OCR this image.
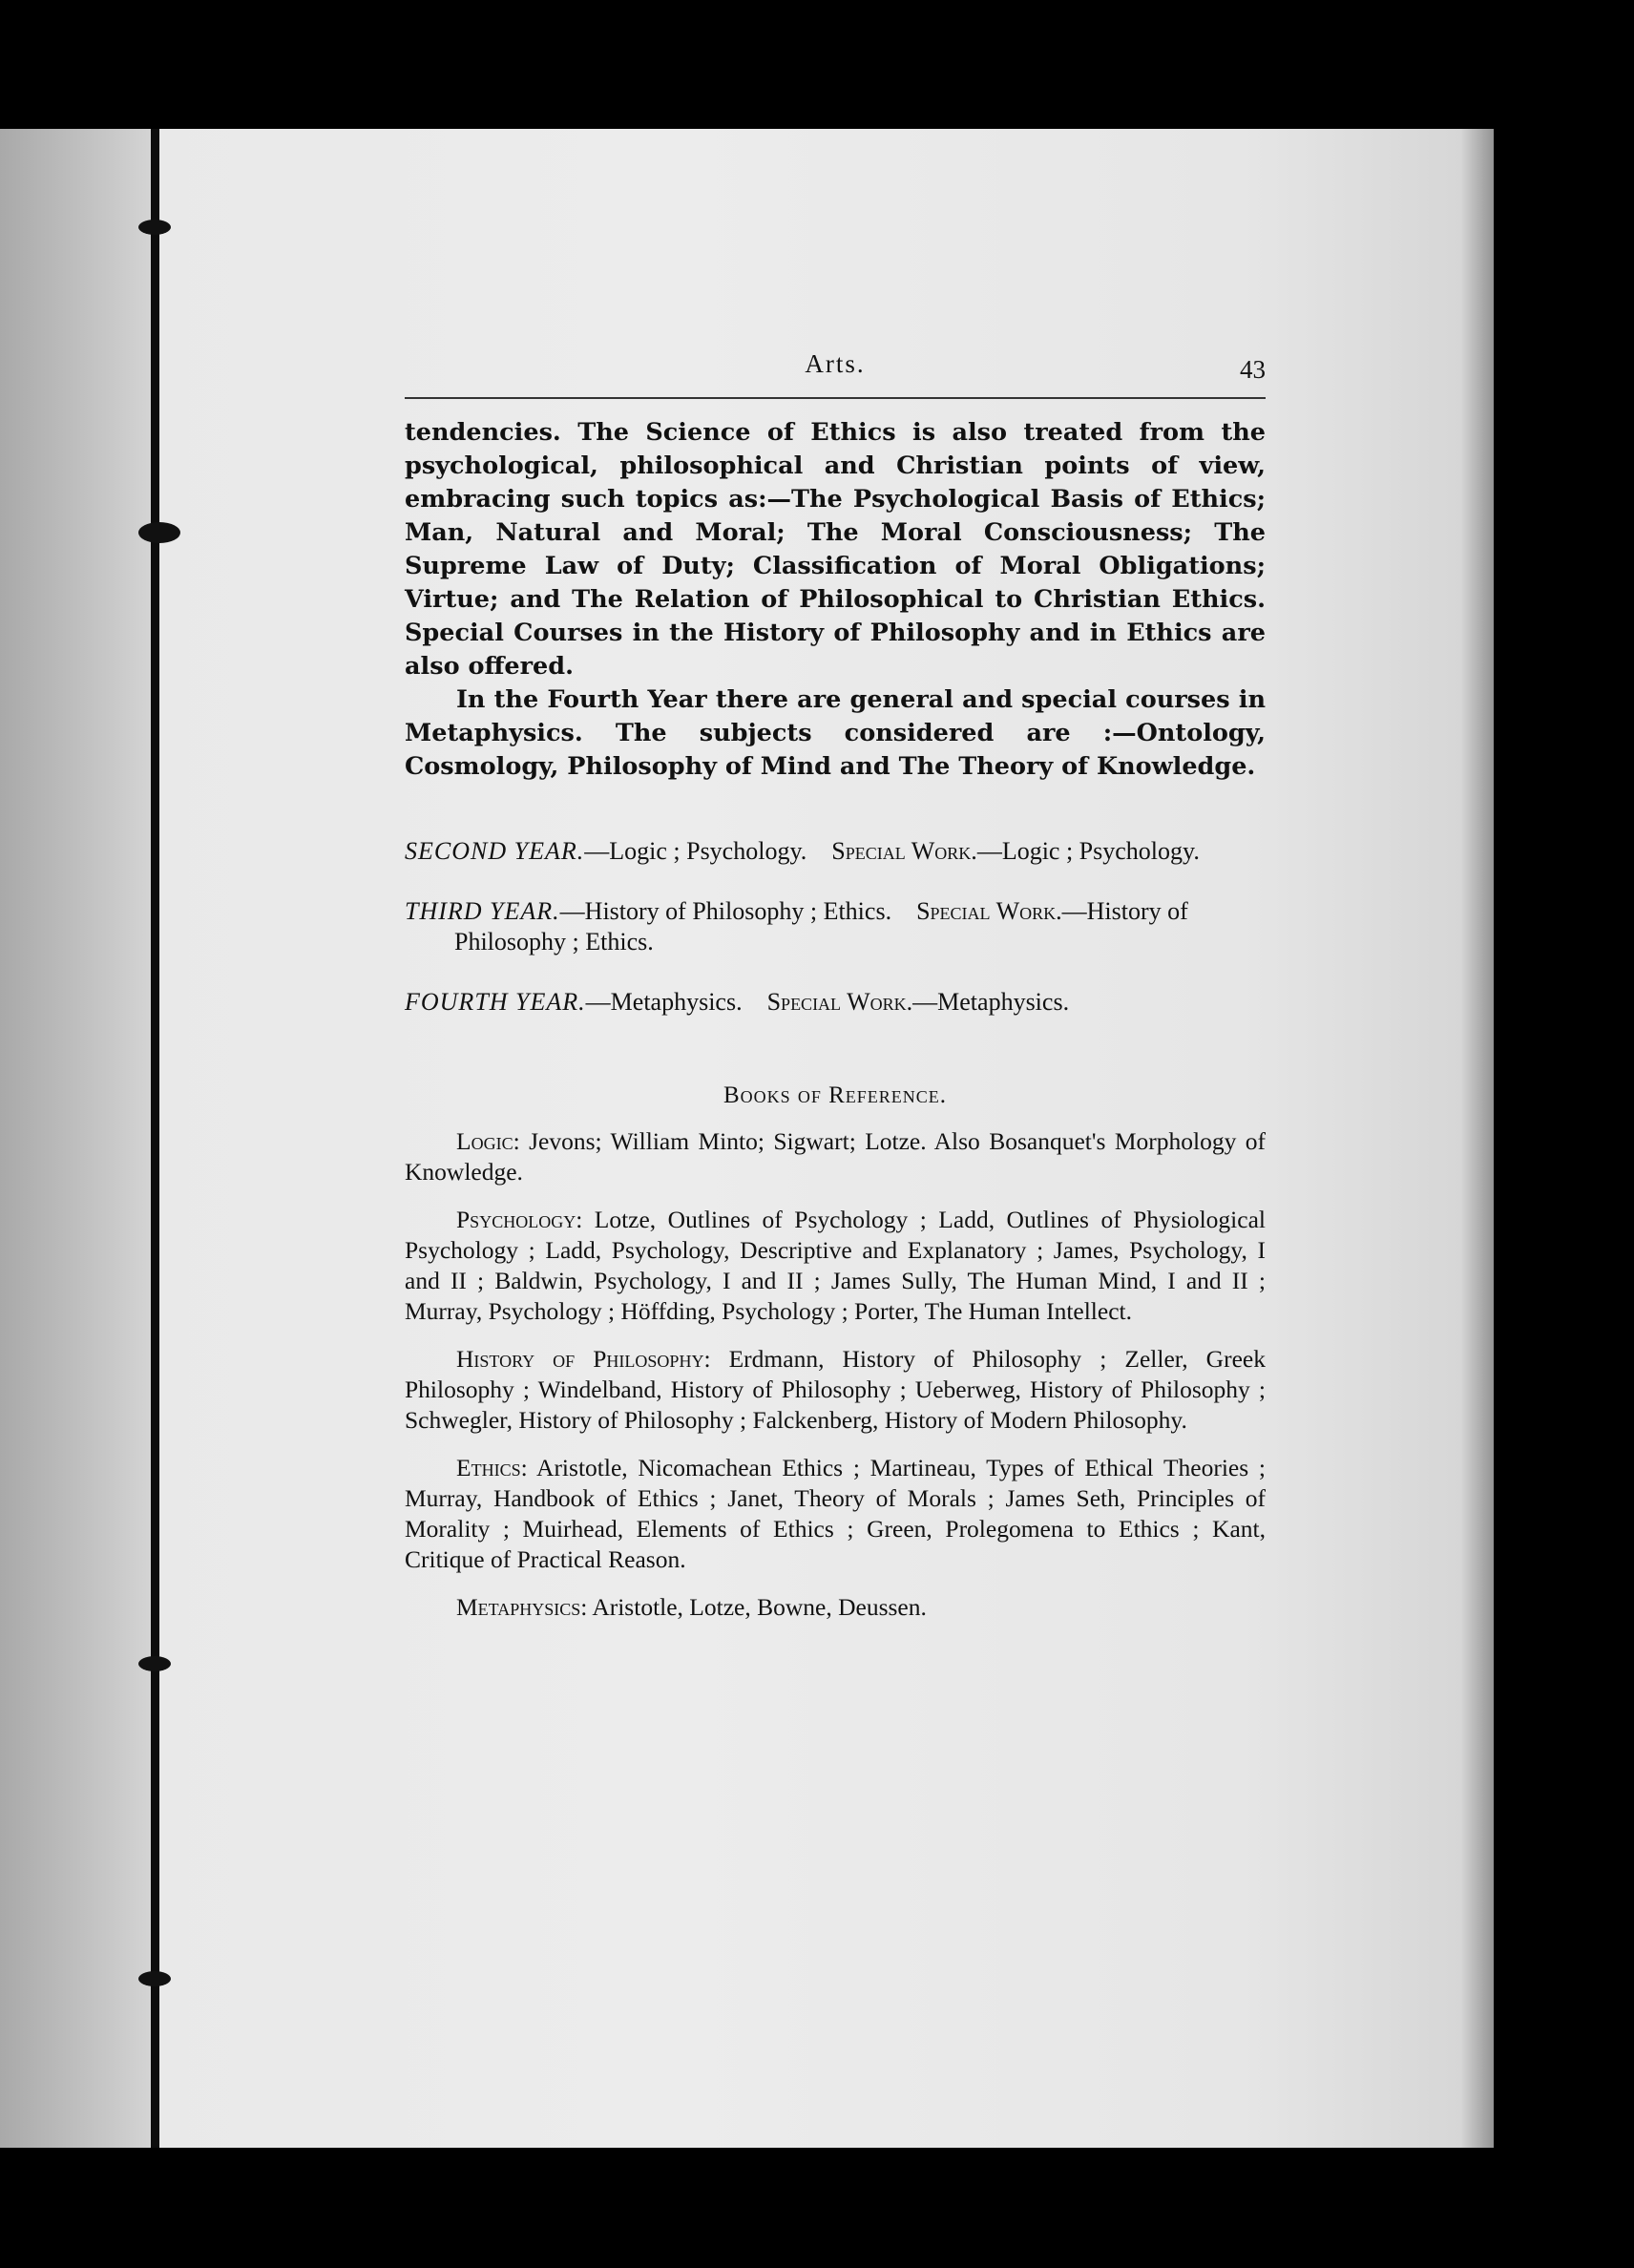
Arts.	43

tendencies. The Science of Ethics is also treated from the psychological, philosophical and Christian points of view, embracing such topics as:—The Psychological Basis of Ethics; Man, Natural and Moral; The Moral Consciousness; The Supreme Law of Duty; Classification of Moral Obligations; Virtue; and The Relation of Philosophical to Christian Ethics. Special Courses in the History of Philosophy and in Ethics are also offered.

In the Fourth Year there are general and special courses in Metaphysics. The subjects considered are :—Ontology, Cosmology, Philosophy of Mind and The Theory of Knowledge.

SECOND YEAR.—Logic ; Psychology. Special Work.—Logic ; Psychology.

THIRD YEAR.—History of Philosophy ; Ethics. Special Work.—History of Philosophy ; Ethics.

FOURTH YEAR.—Metaphysics. Special Work.—Metaphysics.

Books of Reference.

Logic: Jevons; William Minto; Sigwart; Lotze. Also Bosanquet's Morphology of Knowledge.

Psychology: Lotze, Outlines of Psychology ; Ladd, Outlines of Physiological Psychology ; Ladd, Psychology, Descriptive and Explanatory ; James, Psychology, I and II ; Baldwin, Psychology, I and II ; James Sully, The Human Mind, I and II ; Murray, Psychology ; Höffding, Psychology ; Porter, The Human Intellect.

History of Philosophy: Erdmann, History of Philosophy ; Zeller, Greek Philosophy ; Windelband, History of Philosophy ; Ueberweg, History of Philosophy ; Schwegler, History of Philosophy ; Falckenberg, History of Modern Philosophy.

Ethics: Aristotle, Nicomachean Ethics ; Martineau, Types of Ethical Theories ; Murray, Handbook of Ethics ; Janet, Theory of Morals ; James Seth, Principles of Morality ; Muirhead, Elements of Ethics ; Green, Prolegomena to Ethics ; Kant, Critique of Practical Reason.

Metaphysics: Aristotle, Lotze, Bowne, Deussen.
